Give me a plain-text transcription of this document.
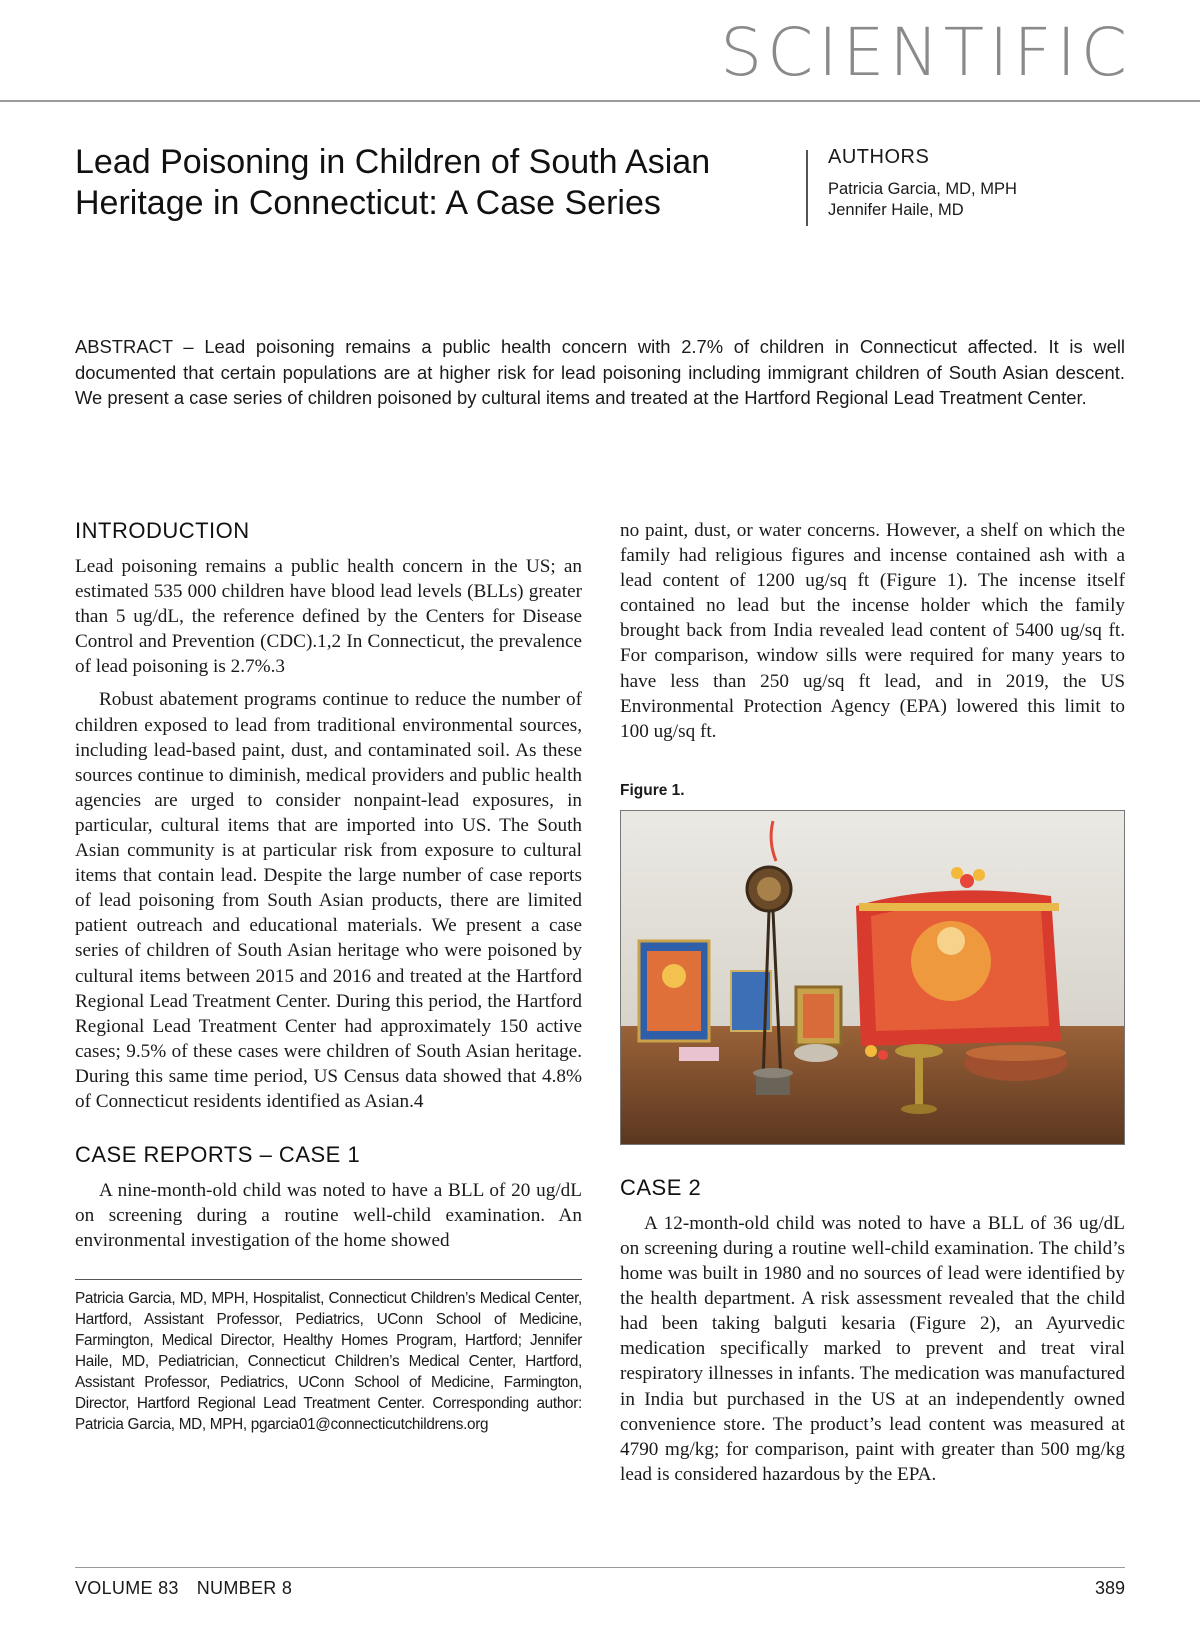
SCIENTIFIC
Lead Poisoning in Children of South Asian Heritage in Connecticut: A Case Series
AUTHORS

Patricia Garcia, MD, MPH

Jennifer Haile, MD

ABSTRACT – Lead poisoning remains a public health concern with 2.7% of children in Connecticut affected. It is well documented that certain populations are at higher risk for lead poisoning including immigrant children of South Asian descent. We present a case series of children poisoned by cultural items and treated at the Hartford Regional Lead Treatment Center.

INTRODUCTION

Lead poisoning remains a public health concern in the US; an estimated 535 000 children have blood lead levels (BLLs) greater than 5 ug/dL, the reference defined by the Centers for Disease Control and Prevention (CDC).1,2 In Connecticut, the prevalence of lead poisoning is 2.7%.3

Robust abatement programs continue to reduce the number of children exposed to lead from traditional environmental sources, including lead-based paint, dust, and contaminated soil. As these sources continue to diminish, medical providers and public health agencies are urged to consider nonpaint-lead exposures, in particular, cultural items that are imported into US. The South Asian community is at particular risk from exposure to cultural items that contain lead. Despite the large number of case reports of lead poisoning from South Asian products, there are limited patient outreach and educational materials. We present a case series of children of South Asian heritage who were poisoned by cultural items between 2015 and 2016 and treated at the Hartford Regional Lead Treatment Center. During this period, the Hartford Regional Lead Treatment Center had approximately 150 active cases; 9.5% of these cases were children of South Asian heritage. During this same time period, US Census data showed that 4.8% of Connecticut residents identified as Asian.4

CASE REPORTS – CASE 1

A nine-month-old child was noted to have a BLL of 20 ug/dL on screening during a routine well-child examination. An environmental investigation of the home showed

Patricia Garcia, MD, MPH, Hospitalist, Connecticut Children’s Medical Center, Hartford, Assistant Professor, Pediatrics, UConn School of Medicine, Farmington, Medical Director, Healthy Homes Program, Hartford; Jennifer Haile, MD, Pediatrician, Connecticut Children’s Medical Center, Hartford, Assistant Professor, Pediatrics, UConn School of Medicine, Farmington, Director, Hartford Regional Lead Treatment Center. Corresponding author: Patricia Garcia, MD, MPH, pgarcia01@connecticutchildrens.org

no paint, dust, or water concerns. However, a shelf on which the family had religious figures and incense contained ash with a lead content of 1200 ug/sq ft (Figure 1). The incense itself contained no lead but the incense holder which the family brought back from India revealed lead content of 5400 ug/sq ft. For comparison, window sills were required for many years to have less than 250 ug/sq ft lead, and in 2019, the US Environmental Protection Agency (EPA) lowered this limit to 100 ug/sq ft.

Figure 1.
CASE 2

A 12-month-old child was noted to have a BLL of 36 ug/dL on screening during a routine well-child examination. The child’s home was built in 1980 and no sources of lead were identified by the health department. A risk assessment revealed that the child had been taking balguti kesaria (Figure 2), an Ayurvedic medication specifically marked to prevent and treat viral respiratory illnesses in infants. The medication was manufactured in India but purchased in the US at an independently owned convenience store. The product’s lead content was measured at 4790 mg/kg; for comparison, paint with greater than 500 mg/kg lead is considered hazardous by the EPA.

VOLUME 83 NUMBER 8	389
